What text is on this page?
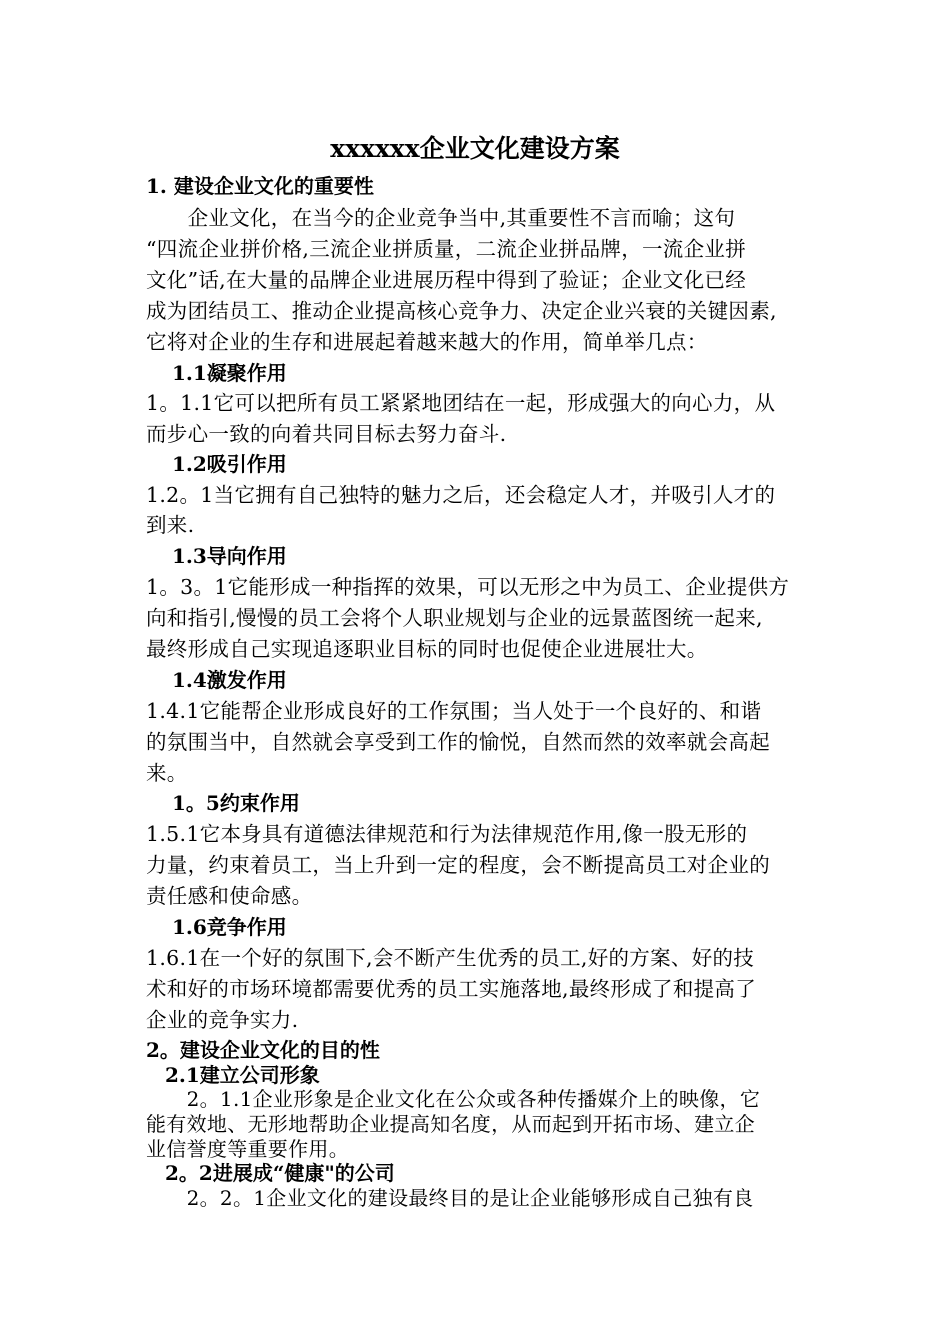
xxxxxx企业文化建设方案
1. 建设企业文化的重要性
　　企业文化，在当今的企业竞争当中,其重要性不言而喻；这句
“四流企业拼价格,三流企业拼质量，二流企业拼品牌，一流企业拼
文化”话,在大量的品牌企业进展历程中得到了验证；企业文化已经
成为团结员工、推动企业提高核心竞争力、决定企业兴衰的关键因素,
它将对企业的生存和进展起着越来越大的作用，简单举几点：
1.1凝聚作用
1。1.1它可以把所有员工紧紧地团结在一起，形成强大的向心力，从
而步心一致的向着共同目标去努力奋斗.
1.2吸引作用
1.2。1当它拥有自己独特的魅力之后，还会稳定人才，并吸引人才的
到来.
1.3导向作用
1。3。1它能形成一种指挥的效果，可以无形之中为员工、企业提供方
向和指引,慢慢的员工会将个人职业规划与企业的远景蓝图统一起来,
最终形成自己实现追逐职业目标的同时也促使企业进展壮大。
1.4激发作用
1.4.1它能帮企业形成良好的工作氛围；当人处于一个良好的、和谐
的氛围当中，自然就会享受到工作的愉悦，自然而然的效率就会高起
来。
1。5约束作用
1.5.1它本身具有道德法律规范和行为法律规范作用,像一股无形的
力量，约束着员工，当上升到一定的程度，会不断提高员工对企业的
责任感和使命感。
1.6竞争作用
1.6.1在一个好的氛围下,会不断产生优秀的员工,好的方案、好的技
术和好的市场环境都需要优秀的员工实施落地,最终形成了和提高了
企业的竞争实力.
2。建设企业文化的目的性
2.1建立公司形象
　　2。1.1企业形象是企业文化在公众或各种传播媒介上的映像，它
能有效地、无形地帮助企业提高知名度，从而起到开拓市场、建立企
业信誉度等重要作用。
2。2进展成“健康"的公司
　　2。2。1企业文化的建设最终目的是让企业能够形成自己独有良
